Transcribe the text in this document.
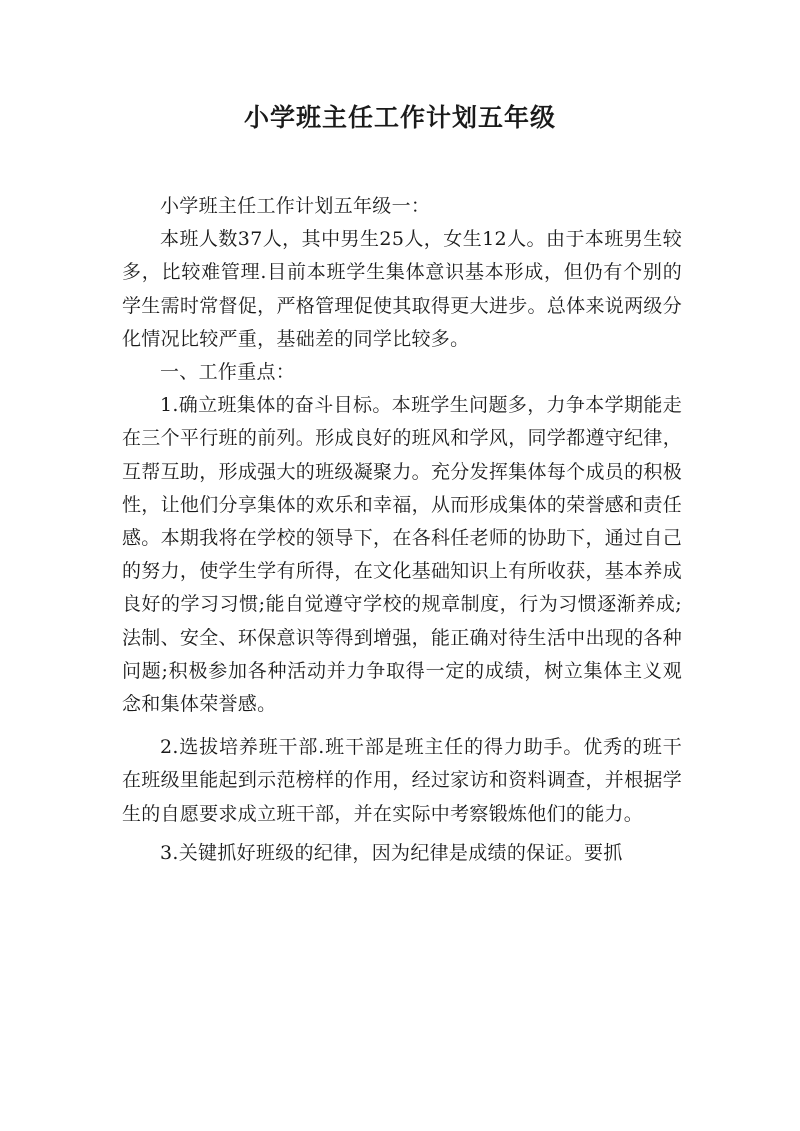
小学班主任工作计划五年级

小学班主任工作计划五年级一：

本班人数37人，其中男生25人，女生12人。由于本班男生较多，比较难管理.目前本班学生集体意识基本形成，但仍有个别的学生需时常督促，严格管理促使其取得更大进步。总体来说两级分化情况比较严重，基础差的同学比较多。

一、工作重点：

1.确立班集体的奋斗目标。本班学生问题多，力争本学期能走在三个平行班的前列。形成良好的班风和学风，同学都遵守纪律，互帮互助，形成强大的班级凝聚力。充分发挥集体每个成员的积极性，让他们分享集体的欢乐和幸福，从而形成集体的荣誉感和责任感。本期我将在学校的领导下，在各科任老师的协助下，通过自己的努力，使学生学有所得，在文化基础知识上有所收获，基本养成良好的学习习惯;能自觉遵守学校的规章制度，行为习惯逐渐养成;法制、安全、环保意识等得到增强，能正确对待生活中出现的各种问题;积极参加各种活动并力争取得一定的成绩，树立集体主义观念和集体荣誉感。

2.选拔培养班干部.班干部是班主任的得力助手。优秀的班干在班级里能起到示范榜样的作用，经过家访和资料调查，并根据学生的自愿要求成立班干部，并在实际中考察锻炼他们的能力。

3.关键抓好班级的纪律，因为纪律是成绩的保证。要抓
